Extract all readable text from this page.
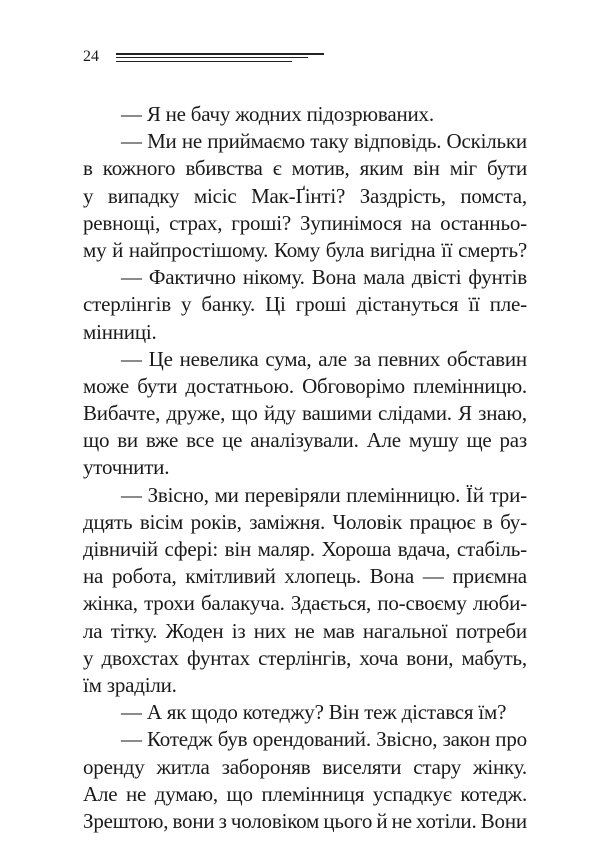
24
— Я не бачу жодних підозрюваних.
— Ми не приймаємо таку відповідь. Оскільки
в кожного вбивства є мотив, яким він міг бути
у випадку місіс Мак-Ґінті? Заздрість, помста,
ревнощі, страх, гроші? Зупинімося на останньо-
му й найпростішому. Кому була вигідна її смерть?
— Фактично нікому. Вона мала двісті фунтів
стерлінгів у банку. Ці гроші дістануться її пле-
мінниці.
— Це невелика сума, але за певних обставин
може бути достатньою. Обговорімо племінницю.
Вибачте, друже, що йду вашими слідами. Я знаю,
що ви вже все це аналізували. Але мушу ще раз
уточнити.
— Звісно, ми перевіряли племінницю. Їй три-
дцять вісім років, заміжня. Чоловік працює в бу-
дівничій сфері: він маляр. Хороша вдача, стабіль-
на робота, кмітливий хлопець. Вона — приємна
жінка, трохи балакуча. Здається, по-своєму люби-
ла тітку. Жоден із них не мав нагальної потреби
у двохстах фунтах стерлінгів, хоча вони, мабуть,
їм зраділи.
— А як щодо котеджу? Він теж дістався їм?
— Котедж був орендований. Звісно, закон про
оренду житла забороняв виселяти стару жінку.
Але не думаю, що племінниця успадкує котедж.
Зрештою, вони з чоловіком цього й не хотіли. Вони
